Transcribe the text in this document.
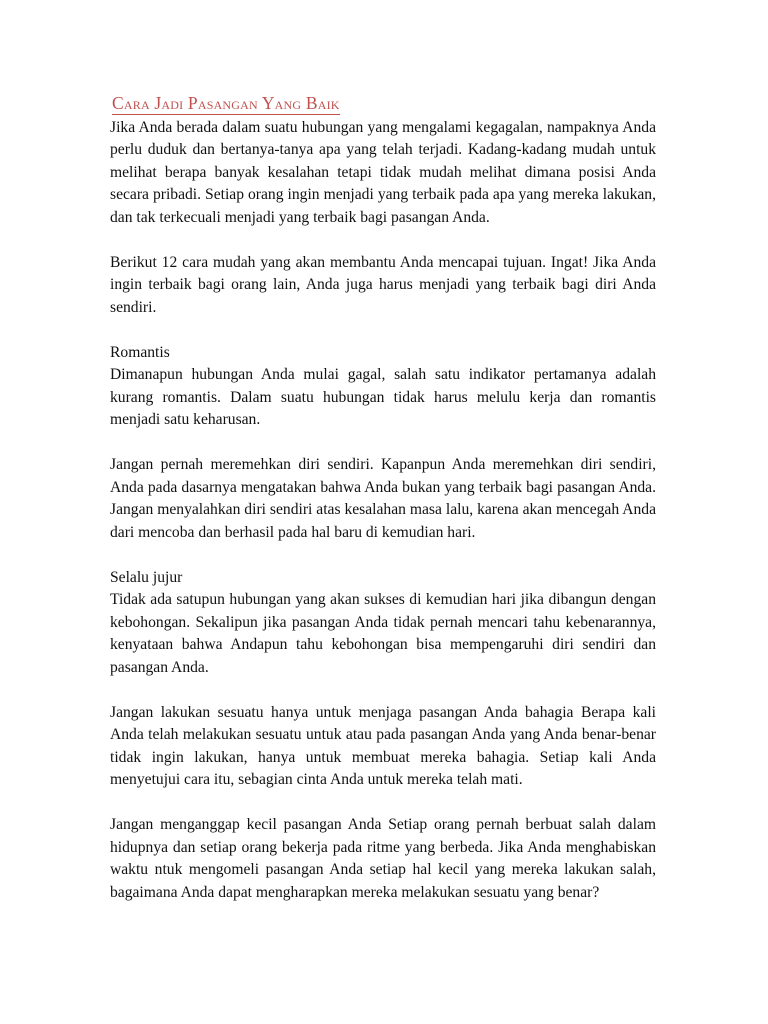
Cara Jadi Pasangan Yang Baik

Jika Anda berada dalam suatu hubungan yang mengalami kegagalan, nampaknya Anda perlu duduk dan bertanya-tanya apa yang telah terjadi. Kadang-kadang mudah untuk melihat berapa banyak kesalahan tetapi tidak mudah melihat dimana posisi Anda secara pribadi. Setiap orang ingin menjadi yang terbaik pada apa yang mereka lakukan, dan tak terkecuali menjadi yang terbaik bagi pasangan Anda.

Berikut 12 cara mudah yang akan membantu Anda mencapai tujuan. Ingat! Jika Anda ingin terbaik bagi orang lain, Anda juga harus menjadi yang terbaik bagi diri Anda sendiri.

Romantis

Dimanapun hubungan Anda mulai gagal, salah satu indikator pertamanya adalah kurang romantis. Dalam suatu hubungan tidak harus melulu kerja dan romantis menjadi satu keharusan.

Jangan pernah meremehkan diri sendiri. Kapanpun Anda meremehkan diri sendiri, Anda pada dasarnya mengatakan bahwa Anda bukan yang terbaik bagi pasangan Anda. Jangan menyalahkan diri sendiri atas kesalahan masa lalu, karena akan mencegah Anda dari mencoba dan berhasil pada hal baru di kemudian hari.

Selalu jujur

Tidak ada satupun hubungan yang akan sukses di kemudian hari jika dibangun dengan kebohongan. Sekalipun jika pasangan Anda tidak pernah mencari tahu kebenarannya, kenyataan bahwa Andapun tahu kebohongan bisa mempengaruhi diri sendiri dan pasangan Anda.

Jangan lakukan sesuatu hanya untuk menjaga pasangan Anda bahagia Berapa kali Anda telah melakukan sesuatu untuk atau pada pasangan Anda yang Anda benar-benar tidak ingin lakukan, hanya untuk membuat mereka bahagia. Setiap kali Anda menyetujui cara itu, sebagian cinta Anda untuk mereka telah mati.

Jangan menganggap kecil pasangan Anda Setiap orang pernah berbuat salah dalam hidupnya dan setiap orang bekerja pada ritme yang berbeda. Jika Anda menghabiskan waktu ntuk mengomeli pasangan Anda setiap hal kecil yang mereka lakukan salah, bagaimana Anda dapat mengharapkan mereka melakukan sesuatu yang benar?
